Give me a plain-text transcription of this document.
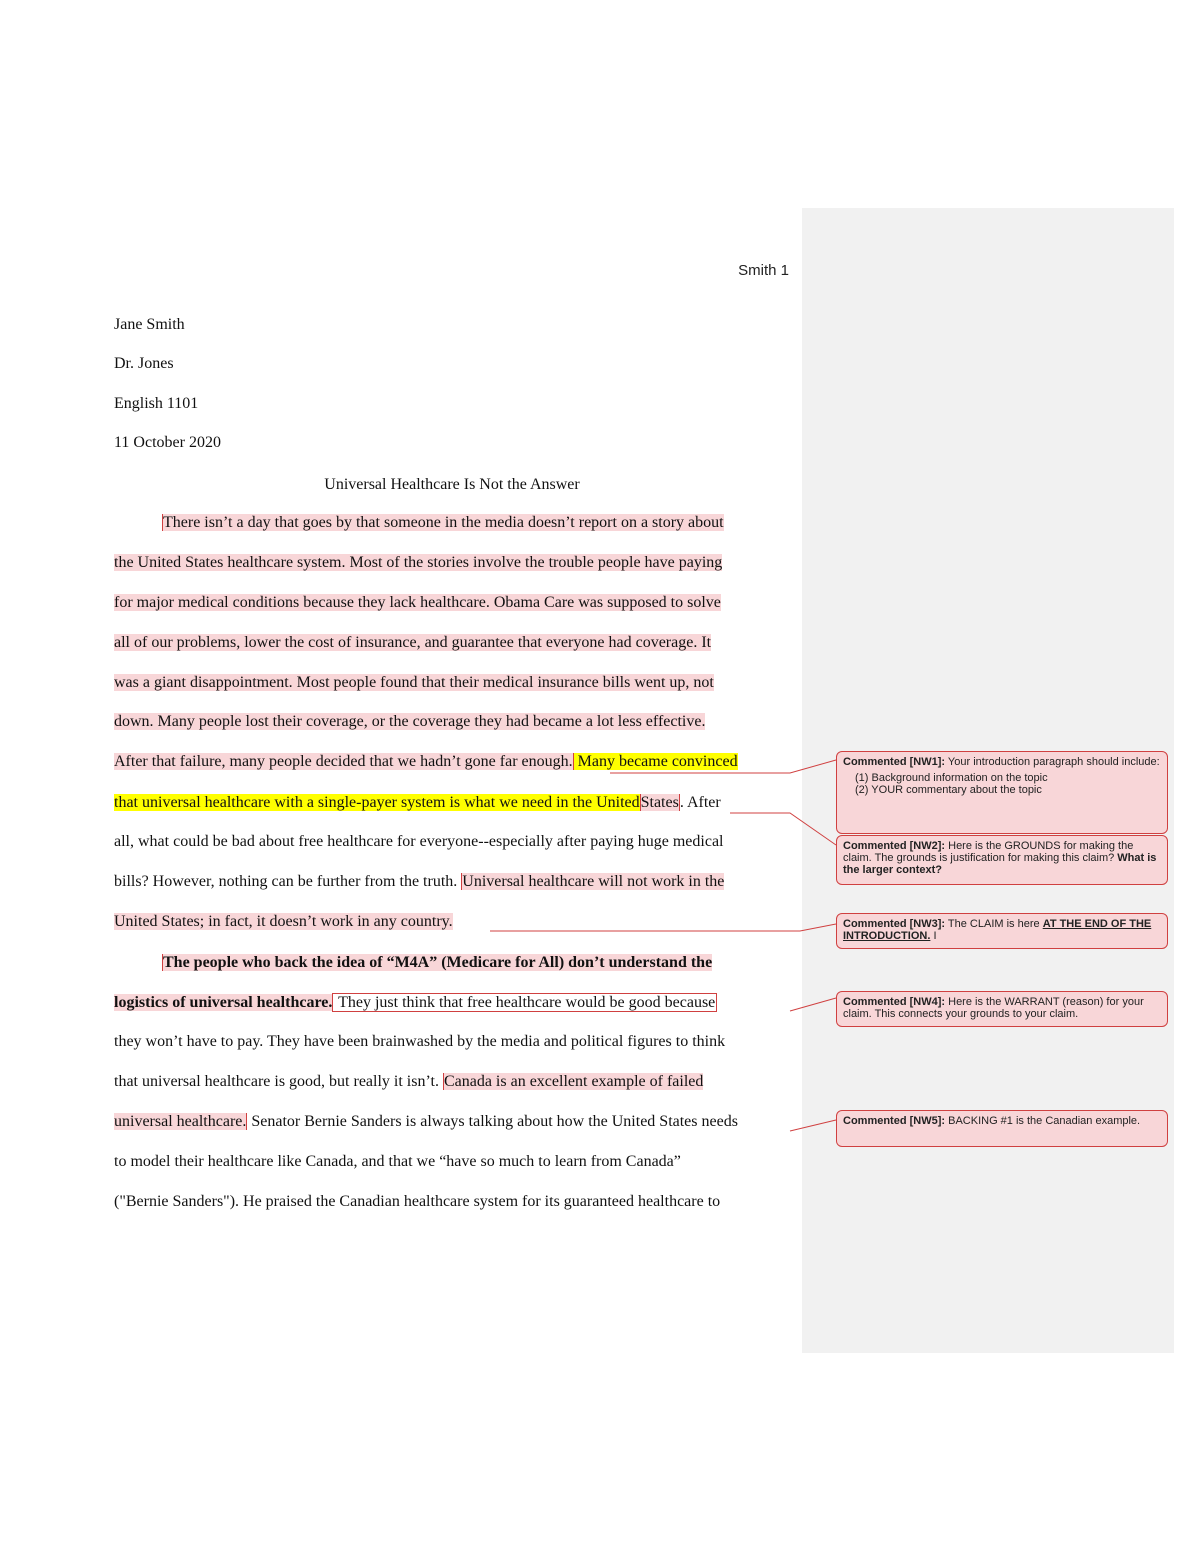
Smith 1
Jane Smith
Dr. Jones
English 1101
11 October 2020
Universal Healthcare Is Not the Answer
There isn’t a day that goes by that someone in the media doesn’t report on a story about
the United States healthcare system. Most of the stories involve the trouble people have paying
for major medical conditions because they lack healthcare. Obama Care was supposed to solve
all of our problems, lower the cost of insurance, and guarantee that everyone had coverage. It
was a giant disappointment. Most people found that their medical insurance bills went up, not
down. Many people lost their coverage, or the coverage they had became a lot less effective.
After that failure, many people decided that we hadn’t gone far enough. Many became convinced
that universal healthcare with a single-payer system is what we need in the UnitedStates. After
all, what could be bad about free healthcare for everyone--especially after paying huge medical
bills? However, nothing can be further from the truth. Universal healthcare will not work in the
United States; in fact, it doesn’t work in any country.
The people who back the idea of “M4A” (Medicare for All) don’t understand the
logistics of universal healthcare. They just think that free healthcare would be good because
they won’t have to pay. They have been brainwashed by the media and political figures to think
that universal healthcare is good, but really it isn’t. Canada is an excellent example of failed
universal healthcare. Senator Bernie Sanders is always talking about how the United States needs
to model their healthcare like Canada, and that we “have so much to learn from Canada”
("Bernie Sanders"). He praised the Canadian healthcare system for its guaranteed healthcare to
Commented [NW1]: Your introduction paragraph should include:
(1) Background information on the topic
(2) YOUR commentary about the topic
Commented [NW2]: Here is the GROUNDS for making the claim. The grounds is justification for making this claim? What is the larger context?
Commented [NW3]: The CLAIM is here AT THE END OF THE INTRODUCTION. I
Commented [NW4]: Here is the WARRANT (reason) for your claim. This connects your grounds to your claim.
Commented [NW5]: BACKING #1 is the Canadian example.
